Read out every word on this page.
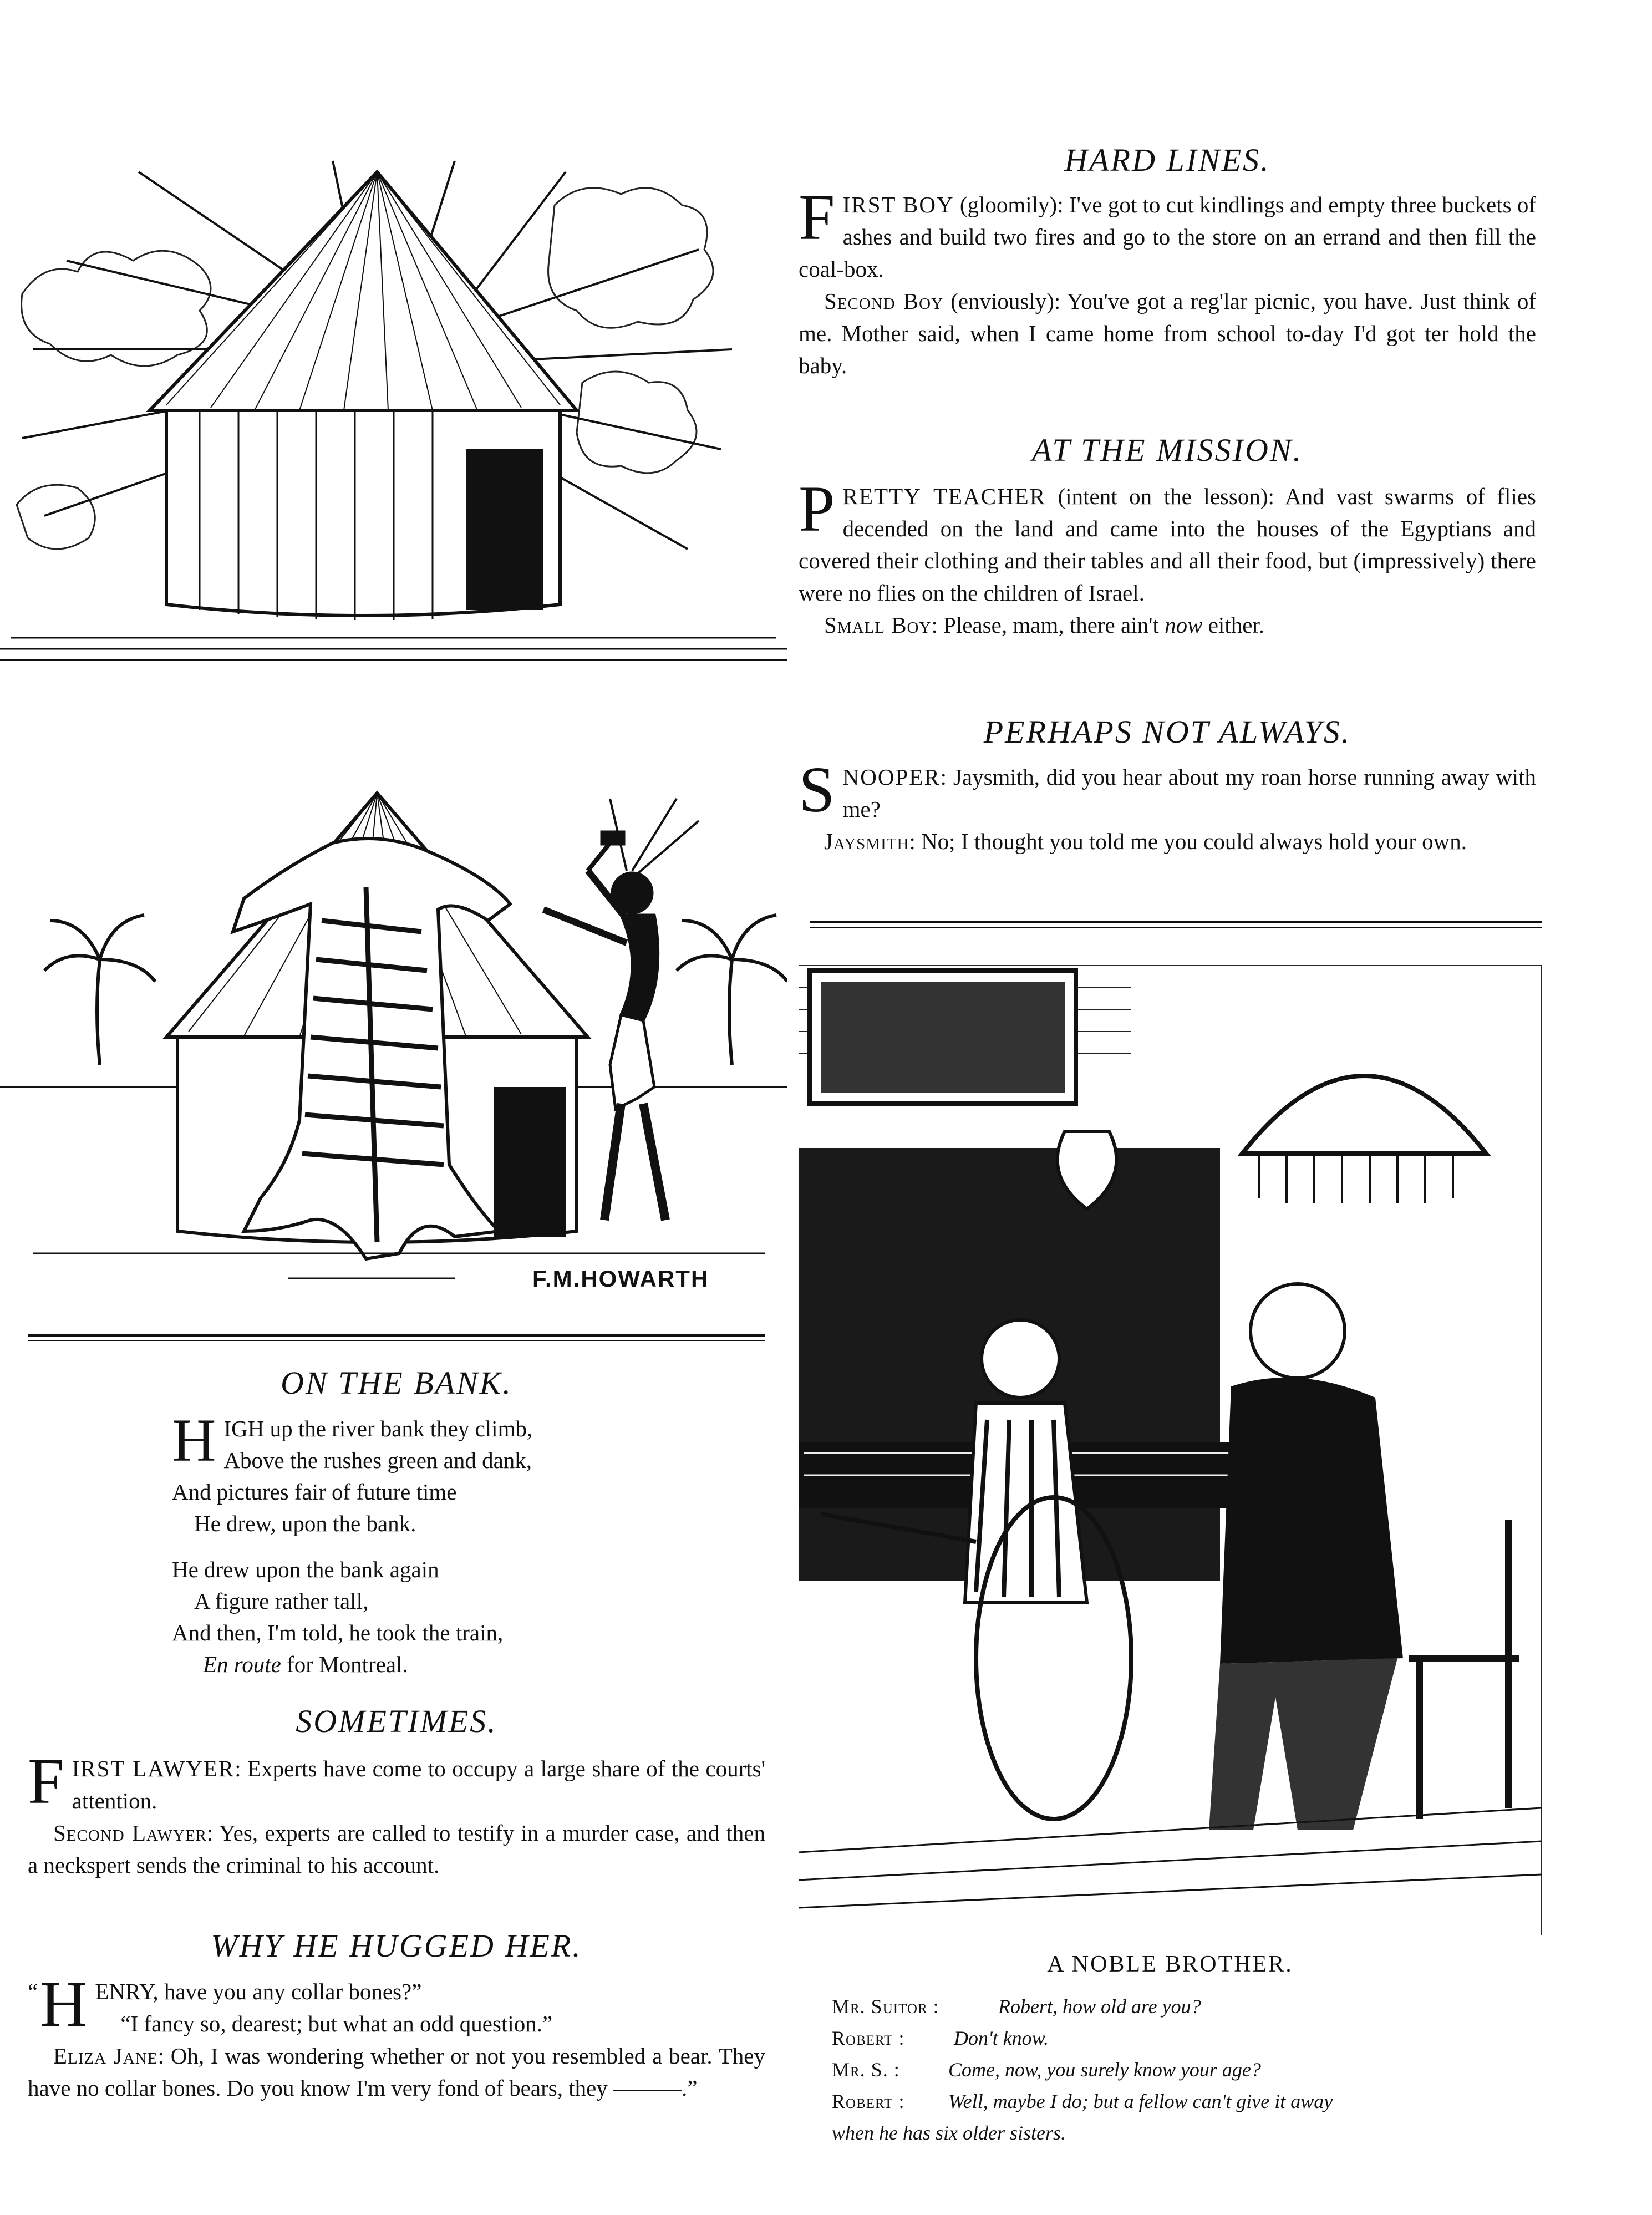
F.M.HOWARTH
HARD LINES.

FIRST BOY (gloomily): I've got to cut kindlings and empty three buckets of ashes and build two fires and go to the store on an errand and then fill the coal-box.

Second Boy (enviously): You've got a reg'lar picnic, you have. Just think of me. Mother said, when I came home from school to-day I'd got ter hold the baby.

AT THE MISSION.

PRETTY TEACHER (intent on the lesson): And vast swarms of flies decended on the land and came into the houses of the Egyptians and covered their clothing and their tables and all their food, but (impressively) there were no flies on the children of Israel.

Small Boy: Please, mam, there ain't now either.

PERHAPS NOT ALWAYS.

SNOOPER: Jaysmith, did you hear about my roan horse running away with me?

Jaysmith: No; I thought you told me you could always hold your own.

A NOBLE BROTHER.
Mr. Suitor :	Robert, how old are you?
Robert : Don't know.
Mr. S. : Come, now, you surely know your age?
Robert : Well, maybe I do; but a fellow can't give it away
when he has six older sisters.
ON THE BANK.
H IGH up the river bank they climb,
Above the rushes green and dank,
And pictures fair of future time
He drew, upon the bank.
He drew upon the bank again
A figure rather tall,
And then, I'm told, he took the train,
En route for Montreal.
SOMETIMES.

FIRST LAWYER: Experts have come to occupy a large share of the courts' attention.

Second Lawyer: Yes, experts are called to testify in a murder case, and then a neckspert sends the criminal to his account.

WHY HE HUGGED HER.

“ H ENRY, have you any collar bones?”

“I fancy so, dearest; but what an odd question.”

Eliza Jane: Oh, I was wondering whether or not you resembled a bear. They have no collar bones. Do you know I'm very fond of bears, they ———.”
